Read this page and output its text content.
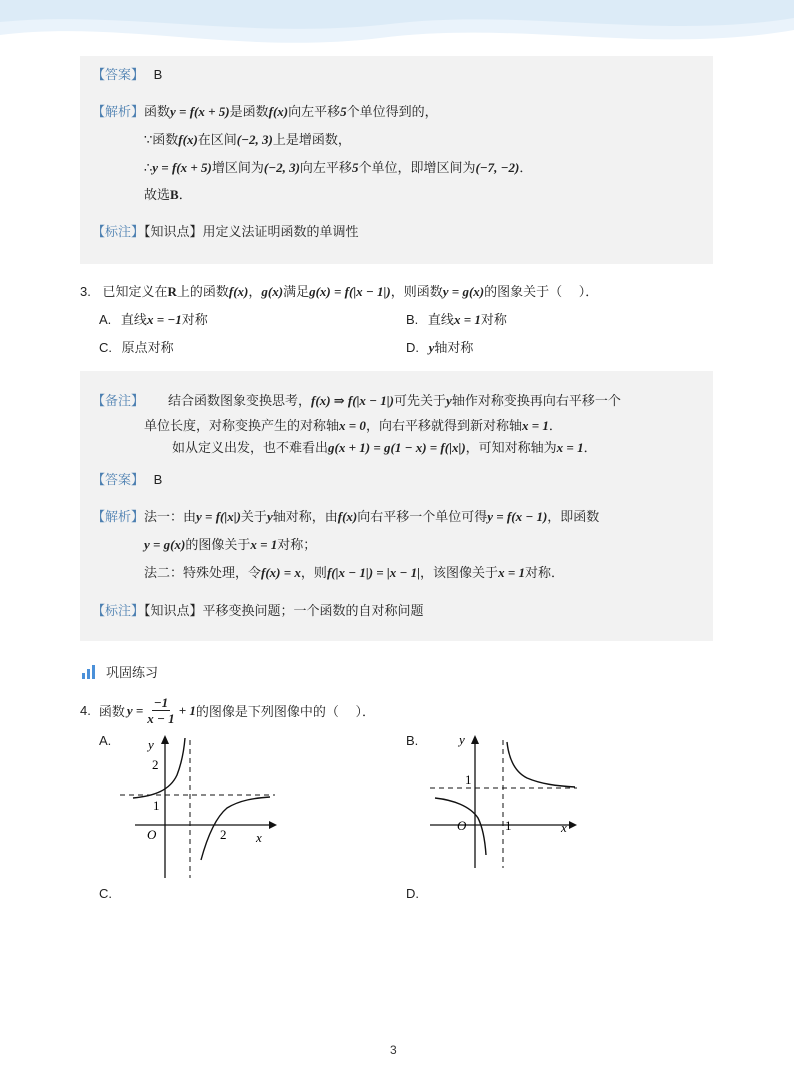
【答案】 B
【解析】函数y = f(x + 5)是函数f(x)向左平移5个单位得到的，
∵函数f(x)在区间(−2, 3)上是增函数，
∴y = f(x + 5)增区间为(−2, 3)向左平移5个单位，即增区间为(−7, −2)．
故选B．
【标注】【知识点】用定义法证明函数的单调性
3. 已知定义在R上的函数f(x)，g(x)满足g(x) = f(|x − 1|)，则函数y = g(x)的图象关于（　 ）．
A. 直线x = −1对称	B. 直线x = 1对称
C. 原点对称	D. y轴对称
【备注】 结合函数图象变换思考，f(x) ⇒ f(|x − 1|)可先关于y轴作对称变换再向右平移一个
单位长度，对称变换产生的对称轴x = 0，向右平移就得到新对称轴x = 1．
如从定义出发，也不难看出g(x + 1) = g(1 − x) = f(|x|)，可知对称轴为x = 1．
【答案】 B
【解析】法一：由y = f(|x|)关于y轴对称，由f(x)向右平移一个单位可得y = f(x − 1)，即函数
y = g(x)的图像关于x = 1对称；
法二：特殊处理，令f(x) = x，则f(|x − 1|) = |x − 1|，该图像关于x = 1对称．
【标注】【知识点】平移变换问题；一个函数的自对称问题
巩固练习
4. 函数 $y = \frac{-1}{x - 1} + 1$ 的图像是下列图像中的（　 ）．
A.	B.
C.	D.
y
x
O
2
1
2
y
x
O
1
1
3
